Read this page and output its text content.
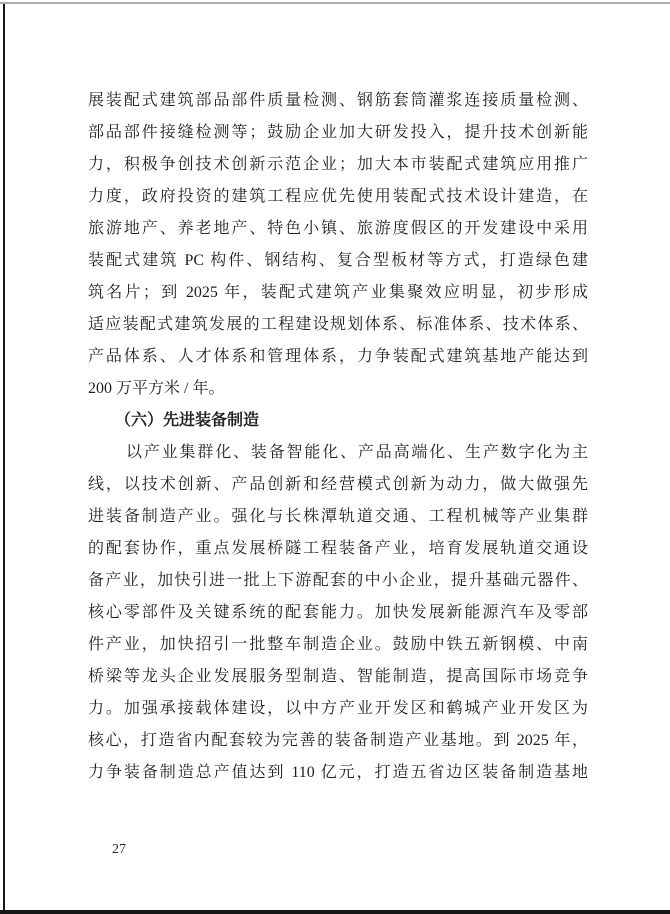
展装配式建筑部品部件质量检测、钢筋套筒灌浆连接质量检测、
部品部件接缝检测等；鼓励企业加大研发投入，提升技术创新能
力，积极争创技术创新示范企业；加大本市装配式建筑应用推广
力度，政府投资的建筑工程应优先使用装配式技术设计建造，在
旅游地产、养老地产、特色小镇、旅游度假区的开发建设中采用
装配式建筑 PC 构件、钢结构、复合型板材等方式，打造绿色建
筑名片；到 2025 年，装配式建筑产业集聚效应明显，初步形成
适应装配式建筑发展的工程建设规划体系、标准体系、技术体系、
产品体系、人才体系和管理体系，力争装配式建筑基地产能达到
200 万平方米 / 年。
（六）先进装备制造
以产业集群化、装备智能化、产品高端化、生产数字化为主
线，以技术创新、产品创新和经营模式创新为动力，做大做强先
进装备制造产业。强化与长株潭轨道交通、工程机械等产业集群
的配套协作，重点发展桥隧工程装备产业，培育发展轨道交通设
备产业，加快引进一批上下游配套的中小企业，提升基础元器件、
核心零部件及关键系统的配套能力。加快发展新能源汽车及零部
件产业，加快招引一批整车制造企业。鼓励中铁五新钢模、中南
桥梁等龙头企业发展服务型制造、智能制造，提高国际市场竞争
力。加强承接载体建设，以中方产业开发区和鹤城产业开发区为
核心，打造省内配套较为完善的装备制造产业基地。到 2025 年，
力争装备制造总产值达到 110 亿元，打造五省边区装备制造基地
27
